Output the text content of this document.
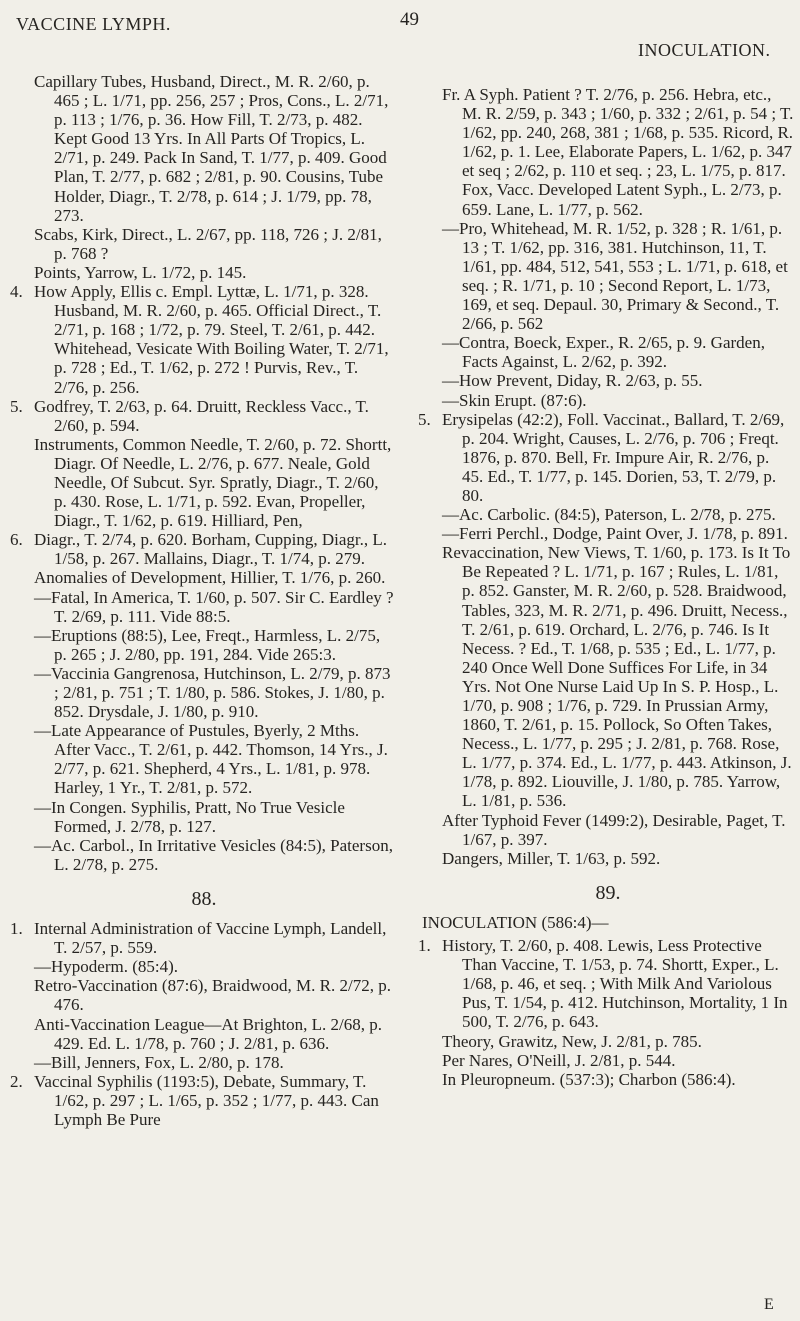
VACCINE LYMPH.	49
INOCULATION.
Capillary Tubes, Husband, Direct., M. R. 2/60, p. 465 ; L. 1/71, pp. 256, 257 ; Pros, Cons., L. 2/71, p. 113 ; 1/76, p. 36. How Fill, T. 2/73, p. 482. Kept Good 13 Yrs. In All Parts Of Tropics, L. 2/71, p. 249. Pack In Sand, T. 1/77, p. 409. Good Plan, T. 2/77, p. 682 ; 2/81, p. 90. Cousins, Tube Holder, Diagr., T. 2/78, p. 614 ; J. 1/79, pp. 78, 273.
Scabs, Kirk, Direct., L. 2/67, pp. 118, 726 ; J. 2/81, p. 768 ?
Points, Yarrow, L. 1/72, p. 145.
4. How Apply, Ellis c. Empl. Lyttæ, L. 1/71, p. 328. Husband, M. R. 2/60, p. 465. Official Direct., T. 2/71, p. 168 ; 1/72, p. 79. Steel, T. 2/61, p. 442. Whitehead, Vesicate With Boiling Water, T. 2/71, p. 728 ; Ed., T. 1/62, p. 272 ! Purvis, Rev., T. 2/76, p. 256.
5. Godfrey, T. 2/63, p. 64. Druitt, Reckless Vacc., T. 2/60, p. 594.
Instruments, Common Needle, T. 2/60, p. 72. Shortt, Diagr. Of Needle, L. 2/76, p. 677. Neale, Gold Needle, Of Subcut. Syr. Spratly, Diagr., T. 2/60, p. 430. Rose, L. 1/71, p. 592. Evan, Propeller, Diagr., T. 1/62, p. 619. Hilliard, Pen,
6. Diagr., T. 2/74, p. 620. Borham, Cupping, Diagr., L. 1/58, p. 267. Mallains, Diagr., T. 1/74, p. 279.
Anomalies of Development, Hillier, T. 1/76, p. 260.
—Fatal, In America, T. 1/60, p. 507. Sir C. Eardley ? T. 2/69, p. 111. Vide 88:5.
—Eruptions (88:5), Lee, Freqt., Harmless, L. 2/75, p. 265 ; J. 2/80, pp. 191, 284. Vide 265:3.
—Vaccinia Gangrenosa, Hutchinson, L. 2/79, p. 873 ; 2/81, p. 751 ; T. 1/80, p. 586. Stokes, J. 1/80, p. 852. Drysdale, J. 1/80, p. 910.
—Late Appearance of Pustules, Byerly, 2 Mths. After Vacc., T. 2/61, p. 442. Thomson, 14 Yrs., J. 2/77, p. 621. Shepherd, 4 Yrs., L. 1/81, p. 978. Harley, 1 Yr., T. 2/81, p. 572.
—In Congen. Syphilis, Pratt, No True Vesicle Formed, J. 2/78, p. 127.
—Ac. Carbol., In Irritative Vesicles (84:5), Paterson, L. 2/78, p. 275.
88.
1. Internal Administration of Vaccine Lymph, Landell, T. 2/57, p. 559.
—Hypoderm. (85:4).
Retro-Vaccination (87:6), Braidwood, M. R. 2/72, p. 476.
Anti-Vaccination League—At Brighton, L. 2/68, p. 429. Ed. L. 1/78, p. 760 ; J. 2/81, p. 636.
—Bill, Jenners, Fox, L. 2/80, p. 178.
2. Vaccinal Syphilis (1193:5), Debate, Summary, T. 1/62, p. 297 ; L. 1/65, p. 352 ; 1/77, p. 443. Can Lymph Be Pure
Fr. A Syph. Patient ? T. 2/76, p. 256. Hebra, etc., M. R. 2/59, p. 343 ; 1/60, p. 332 ; 2/61, p. 54 ; T. 1/62, pp. 240, 268, 381 ; 1/68, p. 535. Ricord, R. 1/62, p. 1. Lee, Elaborate Papers, L. 1/62, p. 347 et seq ; 2/62, p. 110 et seq. ; 23, L. 1/75, p. 817. Fox, Vacc. Developed Latent Syph., L. 2/73, p. 659. Lane, L. 1/77, p. 562.
—Pro, Whitehead, M. R. 1/52, p. 328 ; R. 1/61, p. 13 ; T. 1/62, pp. 316, 381. Hutchinson, 11, T. 1/61, pp. 484, 512, 541, 553 ; L. 1/71, p. 618, et seq. ; R. 1/71, p. 10 ; Second Report, L. 1/73, 169, et seq. Depaul. 30, Primary & Second., T. 2/66, p. 562
—Contra, Boeck, Exper., R. 2/65, p. 9. Garden, Facts Against, L. 2/62, p. 392.
—How Prevent, Diday, R. 2/63, p. 55.
—Skin Erupt. (87:6).
5. Erysipelas (42:2), Foll. Vaccinat., Ballard, T. 2/69, p. 204. Wright, Causes, L. 2/76, p. 706 ; Freqt. 1876, p. 870. Bell, Fr. Impure Air, R. 2/76, p. 45. Ed., T. 1/77, p. 145. Dorien, 53, T. 2/79, p. 80.
—Ac. Carbolic. (84:5), Paterson, L. 2/78, p. 275.
—Ferri Perchl., Dodge, Paint Over, J. 1/78, p. 891.
Revaccination, New Views, T. 1/60, p. 173. Is It To Be Repeated ? L. 1/71, p. 167 ; Rules, L. 1/81, p. 852. Ganster, M. R. 2/60, p. 528. Braidwood, Tables, 323, M. R. 2/71, p. 496. Druitt, Necess., T. 2/61, p. 619. Orchard, L. 2/76, p. 746. Is It Necess. ? Ed., T. 1/68, p. 535 ; Ed., L. 1/77, p. 240 Once Well Done Suffices For Life, in 34 Yrs. Not One Nurse Laid Up In S. P. Hosp., L. 1/70, p. 908 ; 1/76, p. 729. In Prussian Army, 1860, T. 2/61, p. 15. Pollock, So Often Takes, Necess., L. 1/77, p. 295 ; J. 2/81, p. 768. Rose, L. 1/77, p. 374. Ed., L. 1/77, p. 443. Atkinson, J. 1/78, p. 892. Liouville, J. 1/80, p. 785. Yarrow, L. 1/81, p. 536.
After Typhoid Fever (1499:2), Desirable, Paget, T. 1/67, p. 397.
Dangers, Miller, T. 1/63, p. 592.
89.
INOCULATION (586:4)—
1. History, T. 2/60, p. 408. Lewis, Less Protective Than Vaccine, T. 1/53, p. 74. Shortt, Exper., L. 1/68, p. 46, et seq. ; With Milk And Variolous Pus, T. 1/54, p. 412. Hutchinson, Mortality, 1 In 500, T. 2/76, p. 643.
Theory, Grawitz, New, J. 2/81, p. 785.
Per Nares, O'Neill, J. 2/81, p. 544.
In Pleuropneum. (537:3); Charbon (586:4).
E
